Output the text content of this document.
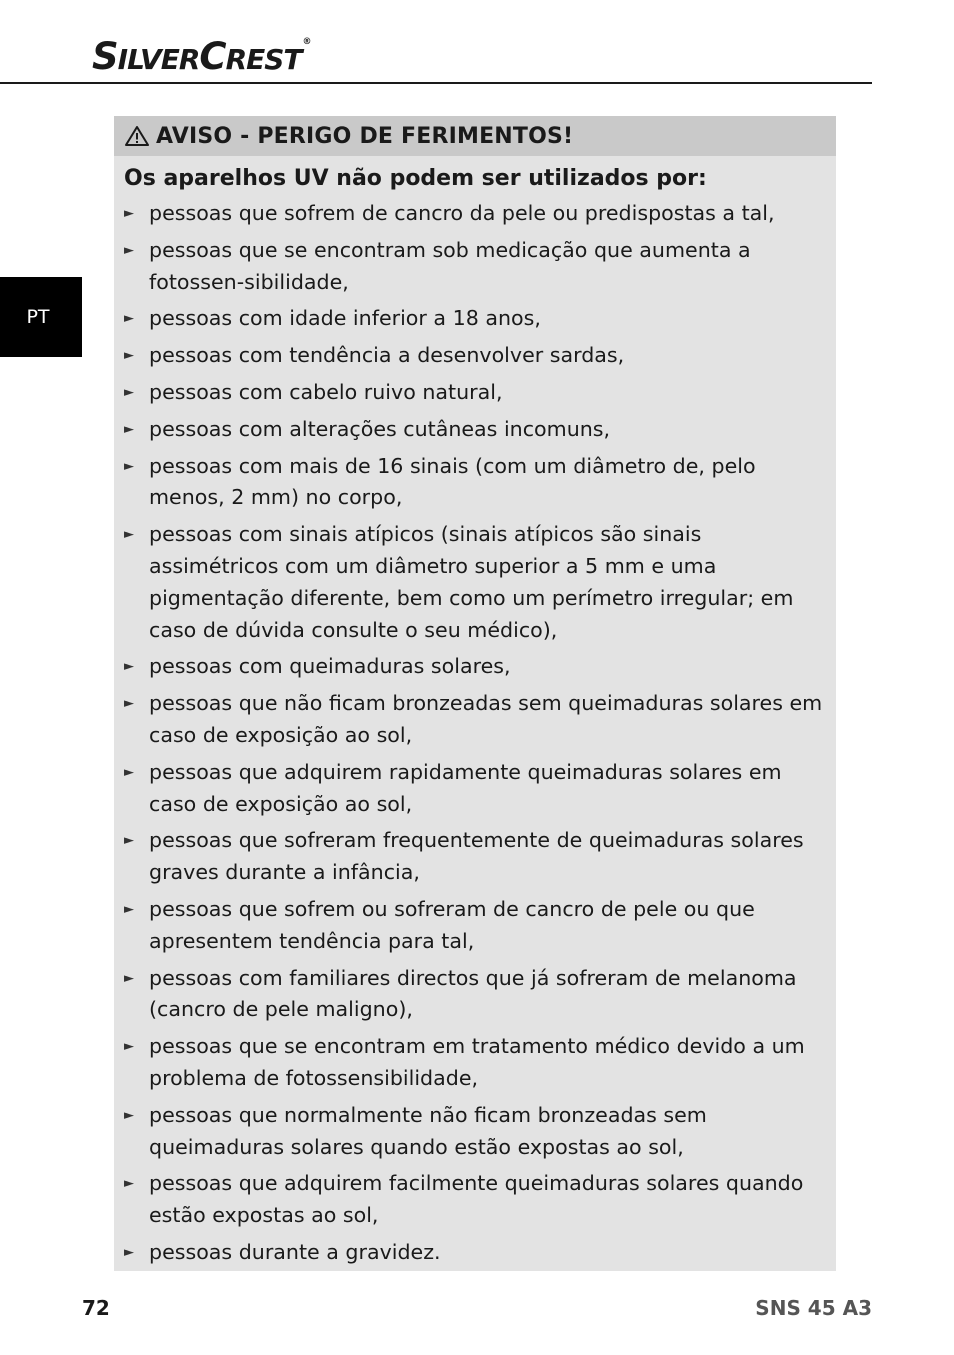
SILVERCREST®
PT
AVISO - PERIGO DE FERIMENTOS!
Os aparelhos UV não podem ser utilizados por:
► pessoas que sofrem de cancro da pele ou predispostas a tal,
► pessoas que se encontram sob medicação que aumenta a fotossen-sibilidade,
► pessoas com idade inferior a 18 anos,
► pessoas com tendência a desenvolver sardas,
► pessoas com cabelo ruivo natural,
► pessoas com alterações cutâneas incomuns,
► pessoas com mais de 16 sinais (com um diâmetro de, pelo menos, 2 mm) no corpo,
► pessoas com sinais atípicos (sinais atípicos são sinais assimétricos com um diâmetro superior a 5 mm e uma pigmentação diferente, bem como um perímetro irregular; em caso de dúvida consulte o seu médico),
► pessoas com queimaduras solares,
► pessoas que não ficam bronzeadas sem queimaduras solares em caso de exposição ao sol,
► pessoas que adquirem rapidamente queimaduras solares em caso de exposição ao sol,
► pessoas que sofreram frequentemente de queimaduras solares graves durante a infância,
► pessoas que sofrem ou sofreram de cancro de pele ou que apresentem tendência para tal,
► pessoas com familiares directos que já sofreram de melanoma (cancro de pele maligno),
► pessoas que se encontram em tratamento médico devido a um problema de fotossensibilidade,
► pessoas que normalmente não ficam bronzeadas sem queimaduras solares quando estão expostas ao sol,
► pessoas que adquirem facilmente queimaduras solares quando estão expostas ao sol,
► pessoas durante a gravidez.
72	SNS 45 A3
